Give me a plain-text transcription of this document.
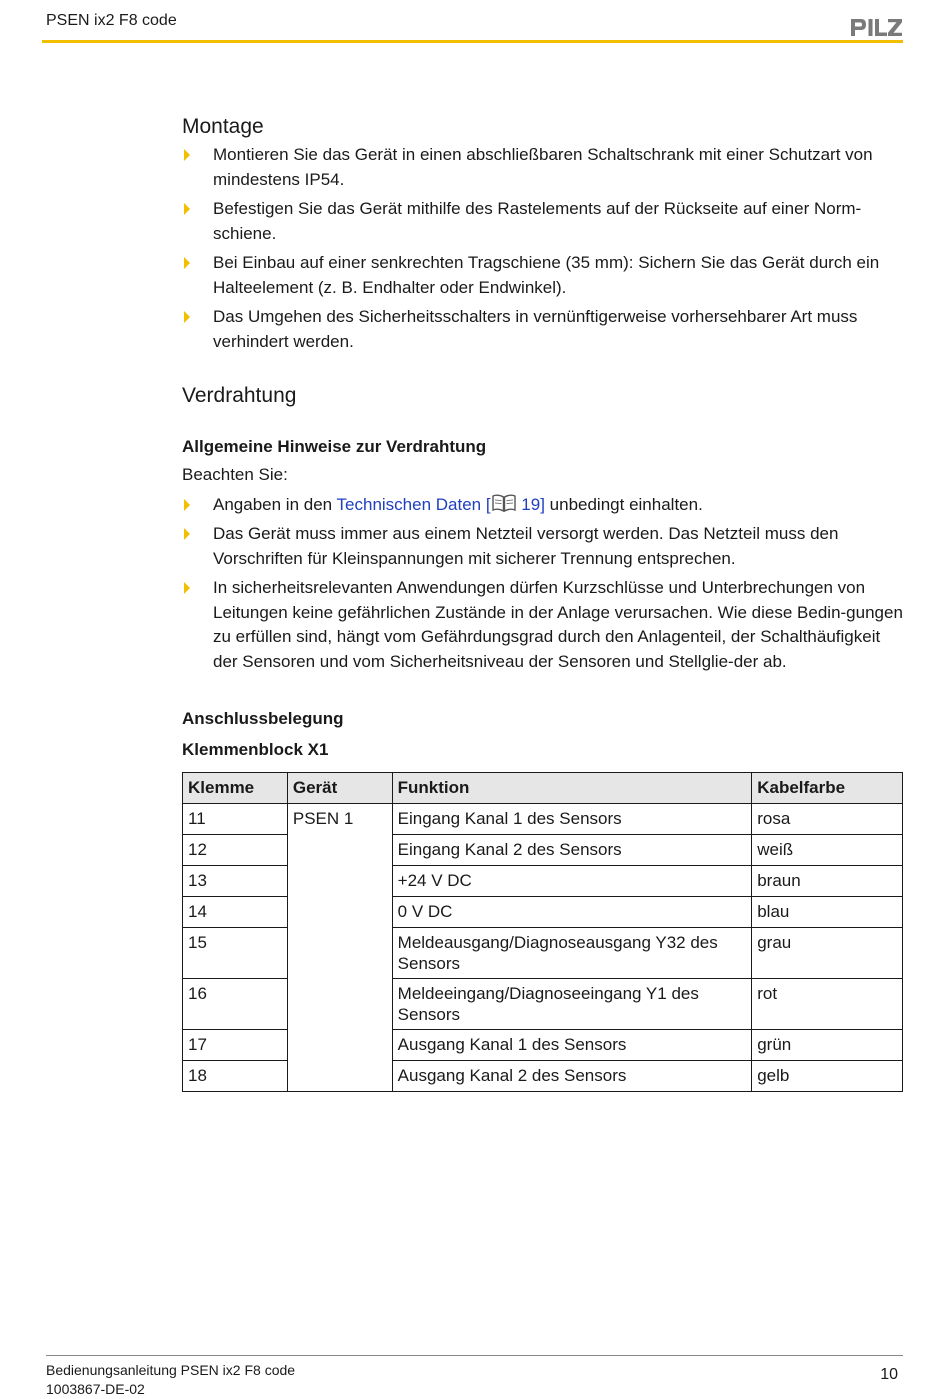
PSEN ix2 F8 code
Montage
Montieren Sie das Gerät in einen abschließbaren Schaltschrank mit einer Schutzart von mindestens IP54.
Befestigen Sie das Gerät mithilfe des Rastelements auf der Rückseite auf einer Norm-schiene.
Bei Einbau auf einer senkrechten Tragschiene (35 mm): Sichern Sie das Gerät durch ein Halteelement (z. B. Endhalter oder Endwinkel).
Das Umgehen des Sicherheitsschalters in vernünftigerweise vorhersehbarer Art muss verhindert werden.
Verdrahtung
Allgemeine Hinweise zur Verdrahtung

Beachten Sie:

Angaben in den Technischen Daten [ 19] unbedingt einhalten.
Das Gerät muss immer aus einem Netzteil versorgt werden. Das Netzteil muss den Vorschriften für Kleinspannungen mit sicherer Trennung entsprechen.
In sicherheitsrelevanten Anwendungen dürfen Kurzschlüsse und Unterbrechungen von Leitungen keine gefährlichen Zustände in der Anlage verursachen. Wie diese Bedin-gungen zu erfüllen sind, hängt vom Gefährdungsgrad durch den Anlagenteil, der Schalthäufigkeit der Sensoren und vom Sicherheitsniveau der Sensoren und Stellglie-der ab.
Anschlussbelegung
Klemmenblock X1
Klemme	Gerät	Funktion	Kabelfarbe
11	PSEN 1	Eingang Kanal 1 des Sensors	rosa
12		Eingang Kanal 2 des Sensors	weiß
13		+24 V DC	braun
14		0 V DC	blau
15		Meldeausgang/Diagnoseausgang Y32 des Sensors	grau
16		Meldeeingang/Diagnoseeingang Y1 des Sensors	rot
17		Ausgang Kanal 1 des Sensors	grün
18		Ausgang Kanal 2 des Sensors	gelb
Bedienungsanleitung PSEN ix2 F8 code
1003867-DE-02
10
